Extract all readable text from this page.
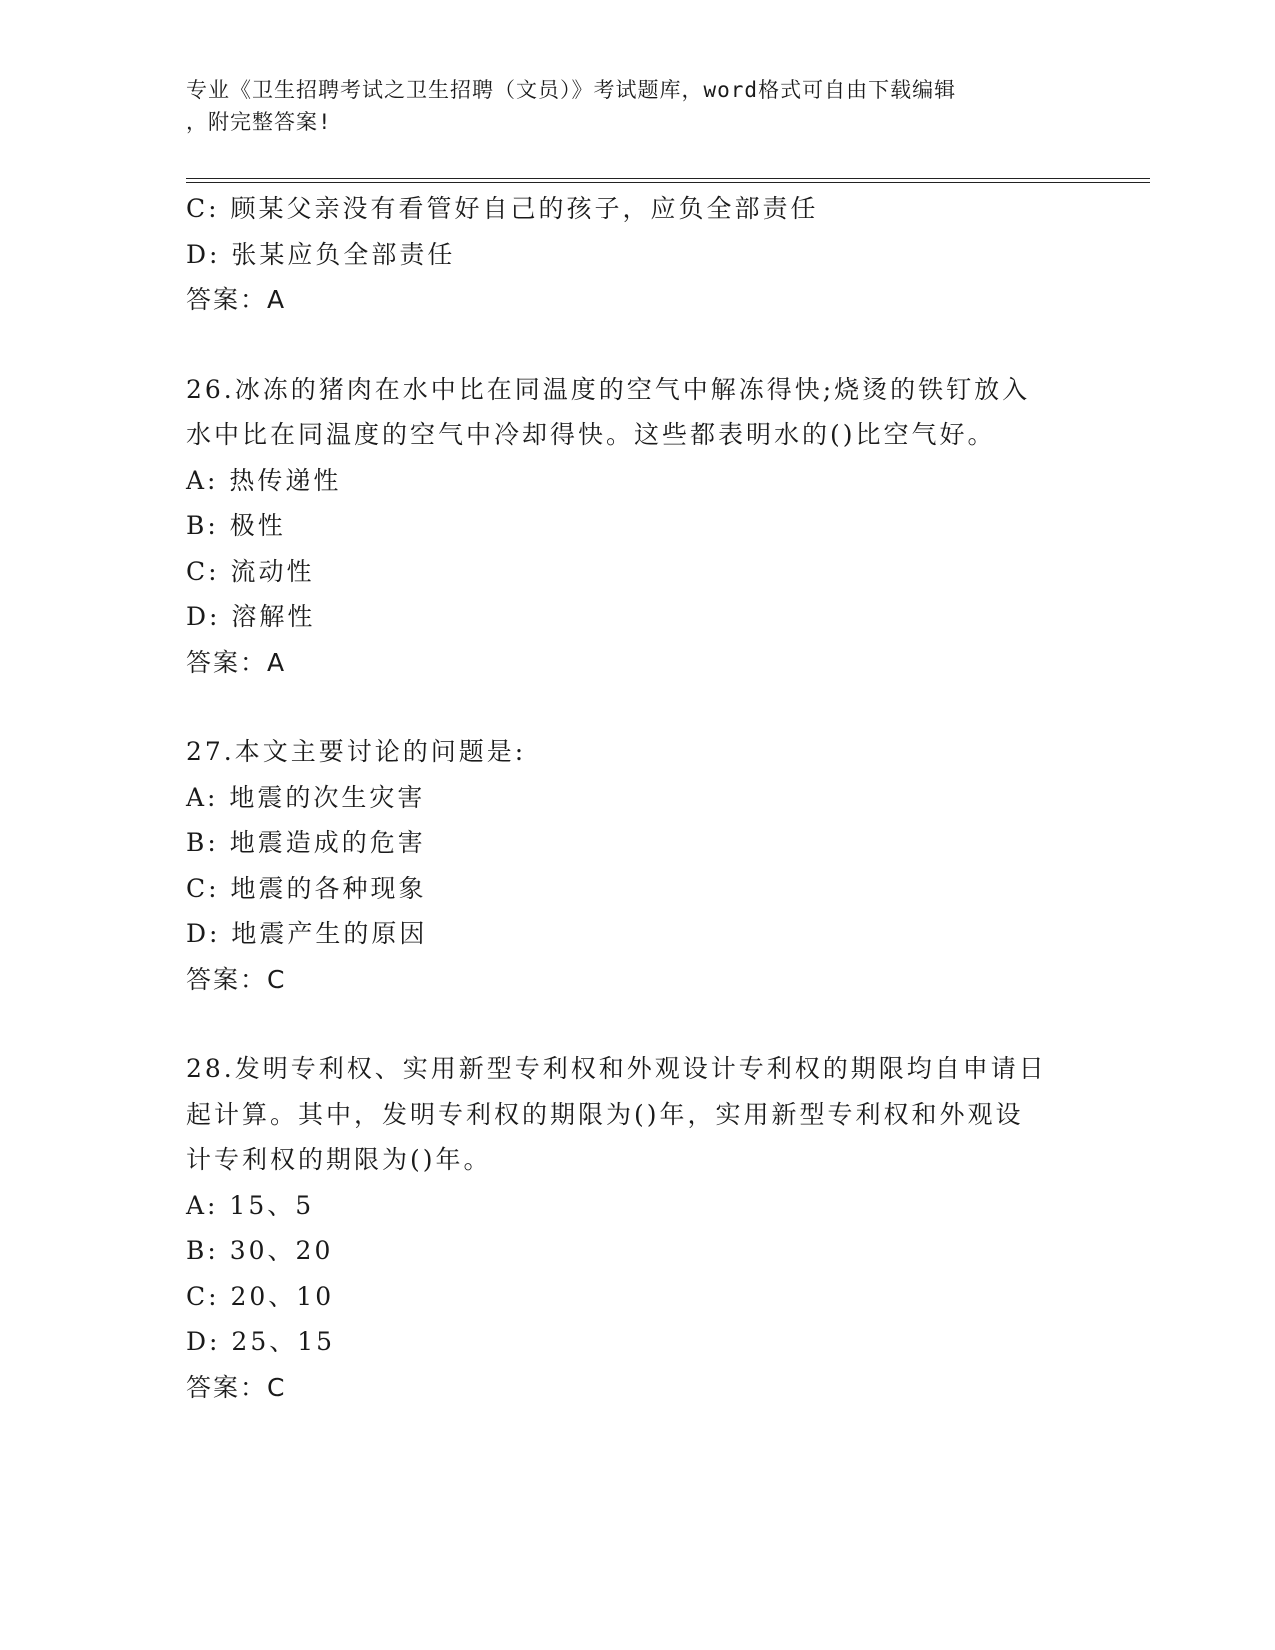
专业《卫生招聘考试之卫生招聘（文员）》考试题库，word格式可自由下载编辑

，附完整答案!

C: 顾某父亲没有看管好自己的孩子，应负全部责任
D: 张某应负全部责任
答案：A
26.冰冻的猪肉在水中比在同温度的空气中解冻得快;烧烫的铁钉放入
水中比在同温度的空气中冷却得快。这些都表明水的()比空气好。
A: 热传递性
B: 极性
C: 流动性
D: 溶解性
答案：A
27.本文主要讨论的问题是:
A: 地震的次生灾害
B: 地震造成的危害
C: 地震的各种现象
D: 地震产生的原因
答案：C
28.发明专利权、实用新型专利权和外观设计专利权的期限均自申请日
起计算。其中，发明专利权的期限为()年，实用新型专利权和外观设
计专利权的期限为()年。
A: 15、5
B: 30、20
C: 20、10
D: 25、15
答案：C
